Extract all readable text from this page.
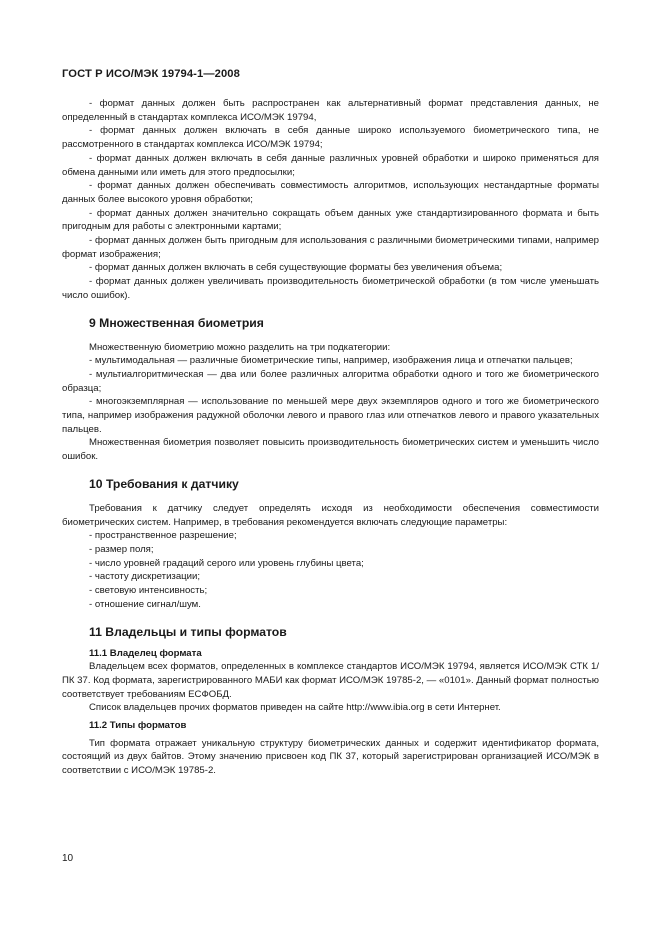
ГОСТ Р ИСО/МЭК 19794-1—2008

- формат данных должен быть распространен как альтернативный формат представления данных, не определенный в стандартах комплекса ИСО/МЭК 19794,

- формат данных должен включать в себя данные широко используемого биометрического типа, не рассмотренного в стандартах комплекса ИСО/МЭК 19794;

- формат данных должен включать в себя данные различных уровней обработки и широко применяться для обмена данными или иметь для этого предпосылки;

- формат данных должен обеспечивать совместимость алгоритмов, использующих нестандартные форматы данных более высокого уровня обработки;

- формат данных должен значительно сокращать объем данных уже стандартизированного формата и быть пригодным для работы с электронными картами;

- формат данных должен быть пригодным для использования с различными биометрическими типами, например формат изображения;

- формат данных должен включать в себя существующие форматы без увеличения объема;

- формат данных должен увеличивать производительность биометрической обработки (в том числе уменьшать число ошибок).

9 Множественная биометрия

Множественную биометрию можно разделить на три подкатегории:

- мультимодальная — различные биометрические типы, например, изображения лица и отпечатки пальцев;

- мультиалгоритмическая — два или более различных алгоритма обработки одного и того же биометрического образца;

- многоэкземплярная — использование по меньшей мере двух экземпляров одного и того же биометрического типа, например изображения радужной оболочки левого и правого глаз или отпечатков левого и правого указательных пальцев.

Множественная биометрия позволяет повысить производительность биометрических систем и уменьшить число ошибок.

10 Требования к датчику

Требования к датчику следует определять исходя из необходимости обеспечения совместимости биометрических систем. Например, в требования рекомендуется включать следующие параметры:

- пространственное разрешение;

- размер поля;

- число уровней градаций серого или уровень глубины цвета;

- частоту дискретизации;

- световую интенсивность;

- отношение сигнал/шум.

11 Владельцы и типы форматов
11.1 Владелец формата

Владельцем всех форматов, определенных в комплексе стандартов ИСО/МЭК 19794, является ИСО/МЭК СТК 1/ПК 37. Код формата, зарегистрированного МАБИ как формат ИСО/МЭК 19785-2, — «0101». Данный формат полностью соответствует требованиям ЕСФОБД.

Список владельцев прочих форматов приведен на сайте http://www.ibia.org в сети Интернет.

11.2 Типы форматов

Тип формата отражает уникальную структуру биометрических данных и содержит идентификатор формата, состоящий из двух байтов. Этому значению присвоен код ПК 37, который зарегистрирован организацией ИСО/МЭК в соответствии с ИСО/МЭК 19785-2.

10
